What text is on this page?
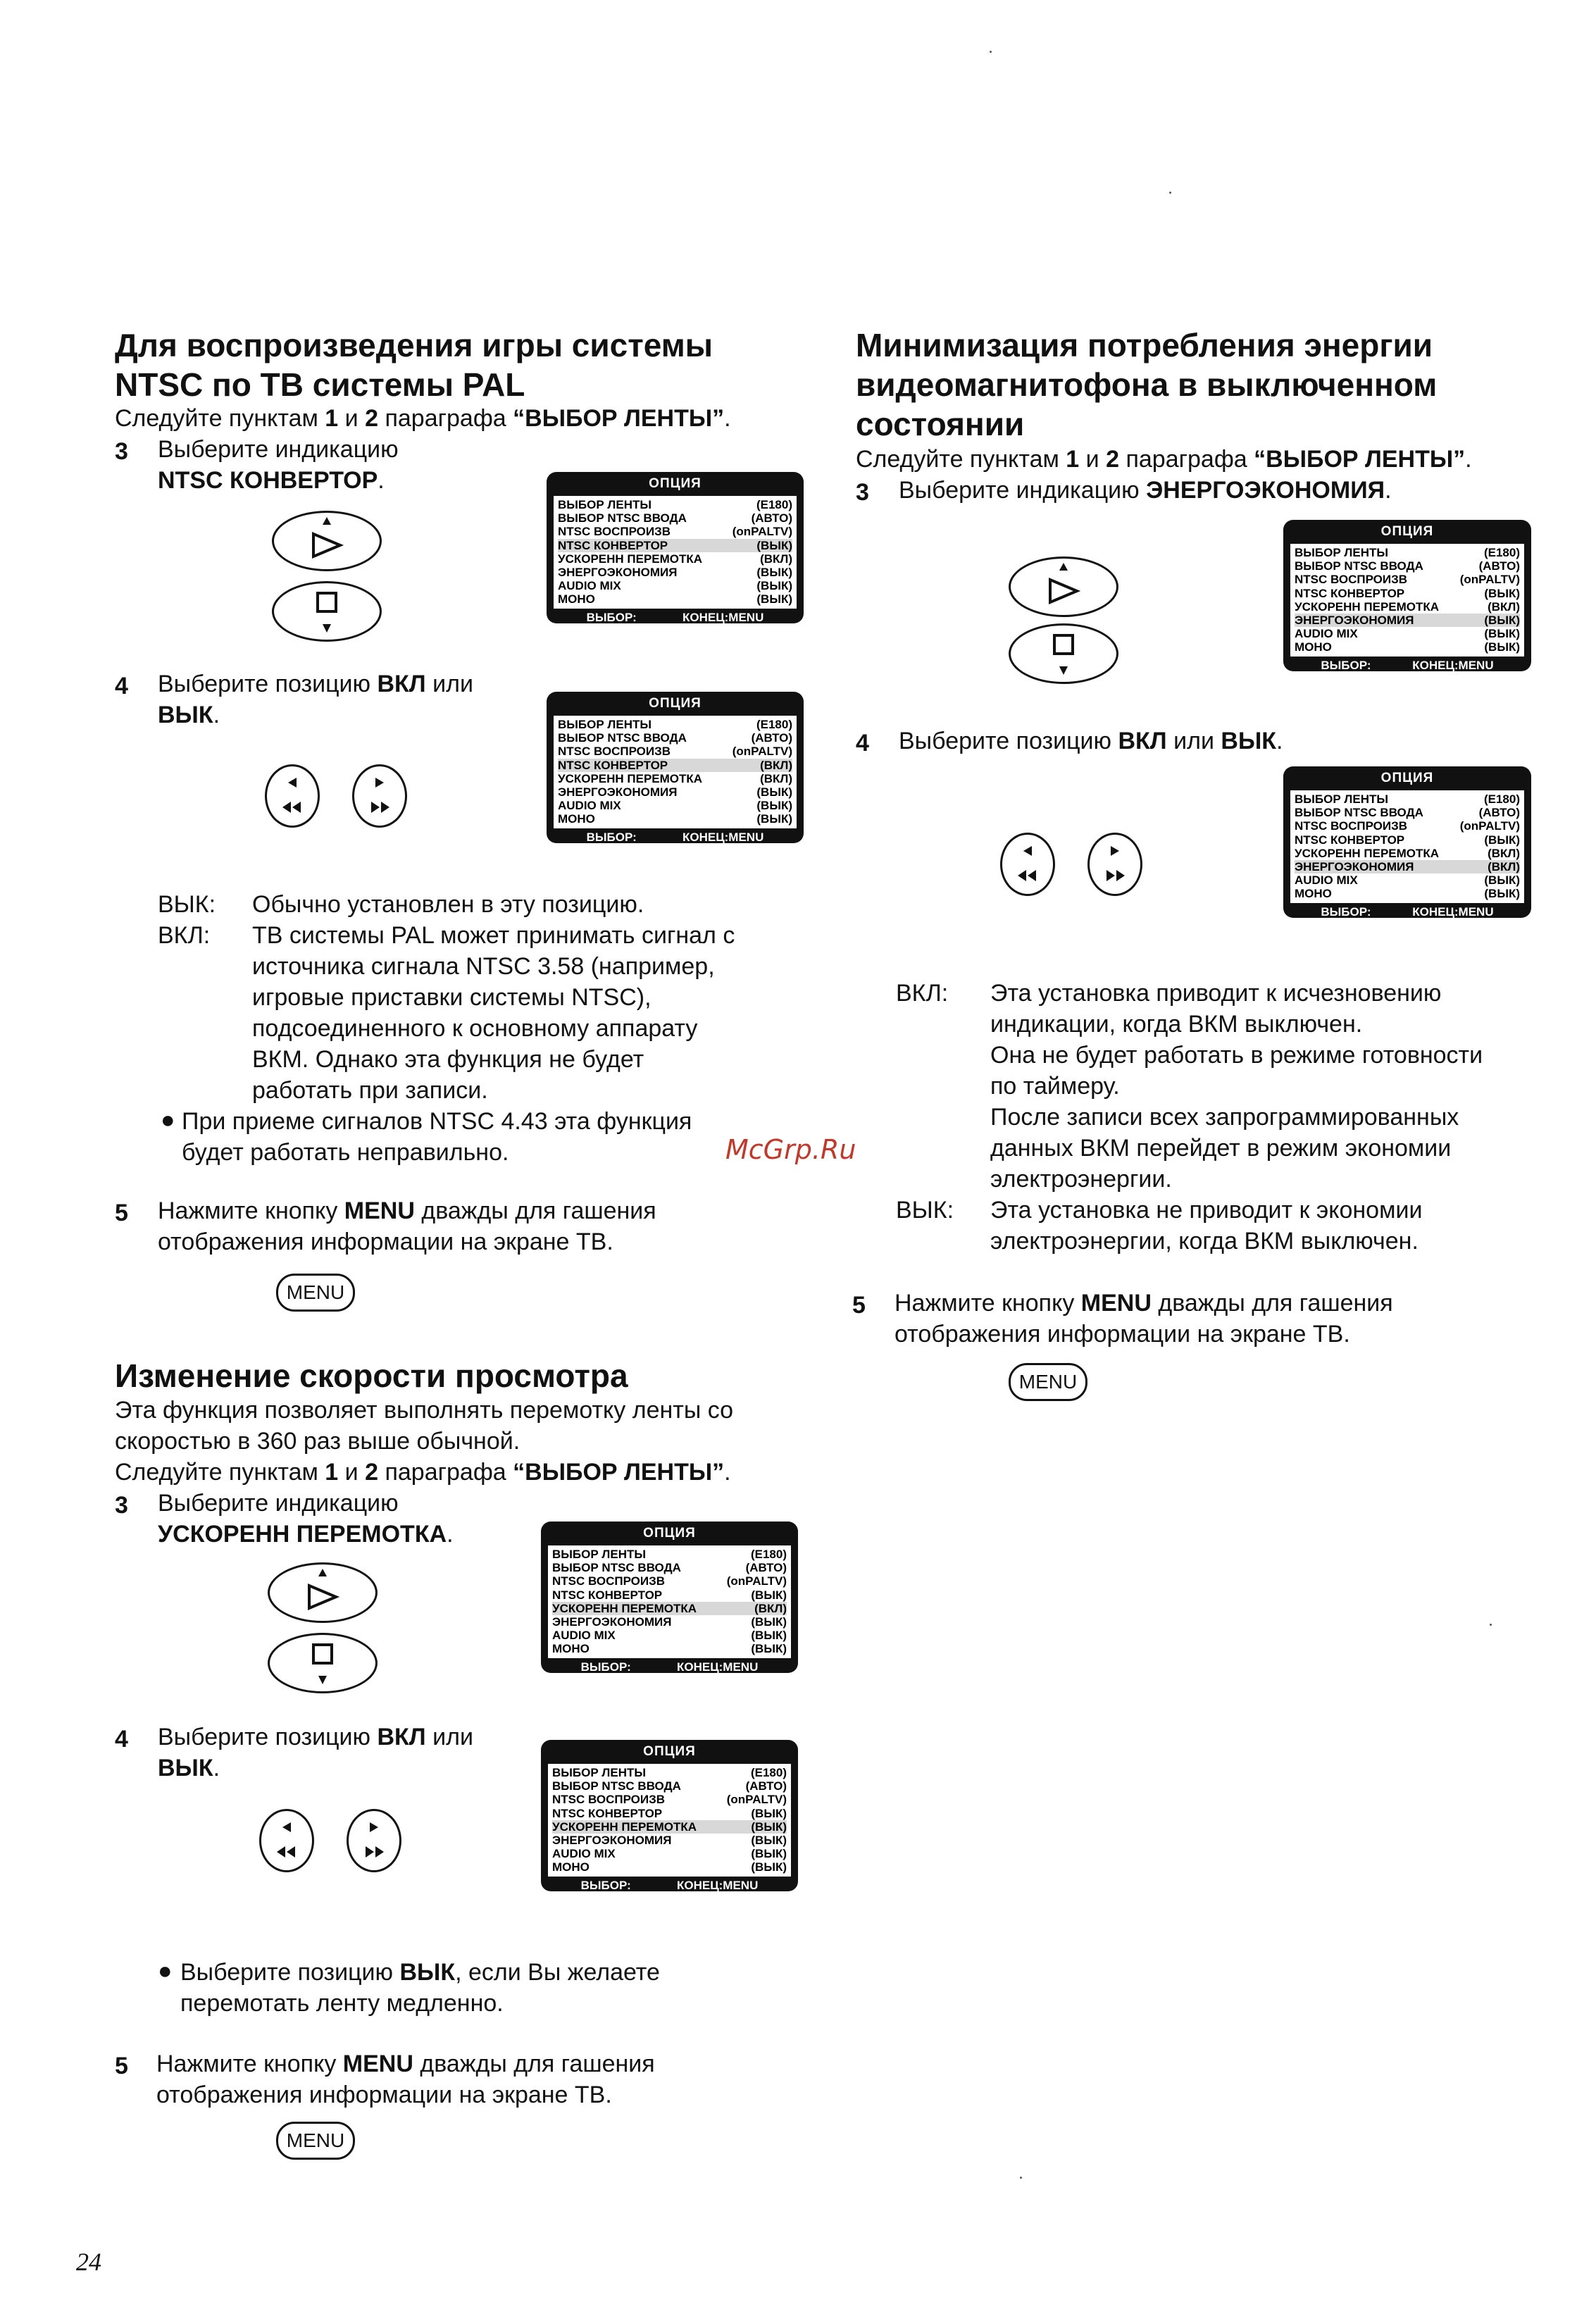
Для воспроизведения игры системы
NTSC по ТВ системы PAL
Следуйте пунктам 1 и 2 параграфа “ВЫБОР ЛЕНТЫ”.
3 Выберите индикацию
NTSC КОНВЕРТОР.	ОПЦИЯ
ВЫБОР ЛЕНТЫ	(Е180)
ВЫБОР NTSC ВВОДА	(АВТО)
NTSC ВОСПРОИЗВ	(onPALTV)
NTSC КОНВЕРТОР	(ВЫК)
УСКОРЕНН ПЕРЕМОТКА	(ВКЛ)
ЭНЕРГОЭКОНОМИЯ	(ВЫК)
AUDIO MIX	(ВЫК)
МОНО	(ВЫК)
ВЫБОР:	КОНЕЦ:MENU
4 Выберите позицию ВКЛ или
ВЫК.	ОПЦИЯ
ВЫБОР ЛЕНТЫ	(Е180)
ВЫБОР NTSC ВВОДА	(АВТО)
NTSC ВОСПРОИЗВ	(onPALTV)
NTSC КОНВЕРТОР	(ВКЛ)
УСКОРЕНН ПЕРЕМОТКА	(ВКЛ)
ЭНЕРГОЭКОНОМИЯ	(ВЫК)
AUDIO MIX	(ВЫК)
МОНО	(ВЫК)
ВЫБОР:	КОНЕЦ:MENU
ВЫК: Обычно установлен в эту позицию.
ВКЛ: ТВ системы PAL может принимать сигнал с
источника сигнала NTSC 3.58 (например,
игровые приставки системы NTSC),
подсоединенного к основному аппарату
ВКМ. Однако эта функция не будет
работать при записи.
● При приеме сигналов NTSC 4.43 эта функция
будет работать неправильно.	McGrp.Ru
5 Нажмите кнопку MENU дважды для гашения
отображения информации на экране ТВ.
MENU
Изменение скорости просмотра
Эта функция позволяет выполнять перемотку ленты со
скоростью в 360 раз выше обычной.
Следуйте пунктам 1 и 2 параграфа “ВЫБОР ЛЕНТЫ”.
3 Выберите индикацию
УСКОРЕНН ПЕРЕМОТКА.	ОПЦИЯ
ВЫБОР ЛЕНТЫ	(Е180)
ВЫБОР NTSC ВВОДА	(АВТО)
NTSC ВОСПРОИЗВ	(onPALTV)
NTSC КОНВЕРТОР	(ВЫК)
УСКОРЕНН ПЕРЕМОТКА	(ВКЛ)
ЭНЕРГОЭКОНОМИЯ	(ВЫК)
AUDIO MIX	(ВЫК)
МОНО	(ВЫК)
ВЫБОР:	КОНЕЦ:MENU
4 Выберите позицию ВКЛ или
ВЫК.
ОПЦИЯ
ВЫБОР ЛЕНТЫ	(Е180)
ВЫБОР NTSC ВВОДА	(АВТО)
NTSC ВОСПРОИЗВ	(onPALTV)
NTSC КОНВЕРТОР	(ВЫК)
УСКОРЕНН ПЕРЕМОТКА	(ВЫК)
ЭНЕРГОЭКОНОМИЯ	(ВЫК)
AUDIO MIX	(ВЫК)
МОНО	(ВЫК)
ВЫБОР:	КОНЕЦ:MENU
● Выберите позицию ВЫК, если Вы желаете
перемотать ленту медленно.
5 Нажмите кнопку MENU дважды для гашения
отображения информации на экране ТВ.
MENU
Минимизация потребления энергии
видеомагнитофона в выключенном
состоянии
Следуйте пунктам 1 и 2 параграфа “ВЫБОР ЛЕНТЫ”.
3 Выберите индикацию ЭНЕРГОЭКОНОМИЯ.
ОПЦИЯ
ВЫБОР ЛЕНТЫ	(Е180)
ВЫБОР NTSC ВВОДА	(АВТО)
NTSC ВОСПРОИЗВ	(onPALTV)
NTSC КОНВЕРТОР	(ВЫК)
УСКОРЕНН ПЕРЕМОТКА	(ВКЛ)
ЭНЕРГОЭКОНОМИЯ	(ВЫК)
AUDIO MIX	(ВЫК)
МОНО	(ВЫК)
ВЫБОР:	КОНЕЦ:MENU
4 Выберите позицию ВКЛ или ВЫК.
ОПЦИЯ
ВЫБОР ЛЕНТЫ	(Е180)
ВЫБОР NTSC ВВОДА	(АВТО)
NTSC ВОСПРОИЗВ	(onPALTV)
NTSC КОНВЕРТОР	(ВЫК)
УСКОРЕНН ПЕРЕМОТКА	(ВКЛ)
ЭНЕРГОЭКОНОМИЯ	(ВКЛ)
AUDIO MIX	(ВЫК)
МОНО	(ВЫК)
ВЫБОР:	КОНЕЦ:MENU
ВКЛ: Эта установка приводит к исчезновению
индикации, когда ВКМ выключен.
Она не будет работать в режиме готовности
по таймеру.
После записи всех запрограммированных
данных ВКМ перейдет в режим экономии
электроэнергии.
ВЫК: Эта установка не приводит к экономии
электроэнергии, когда ВКМ выключен.
5 Нажмите кнопку MENU дважды для гашения
отображения информации на экране ТВ.
MENU
24
